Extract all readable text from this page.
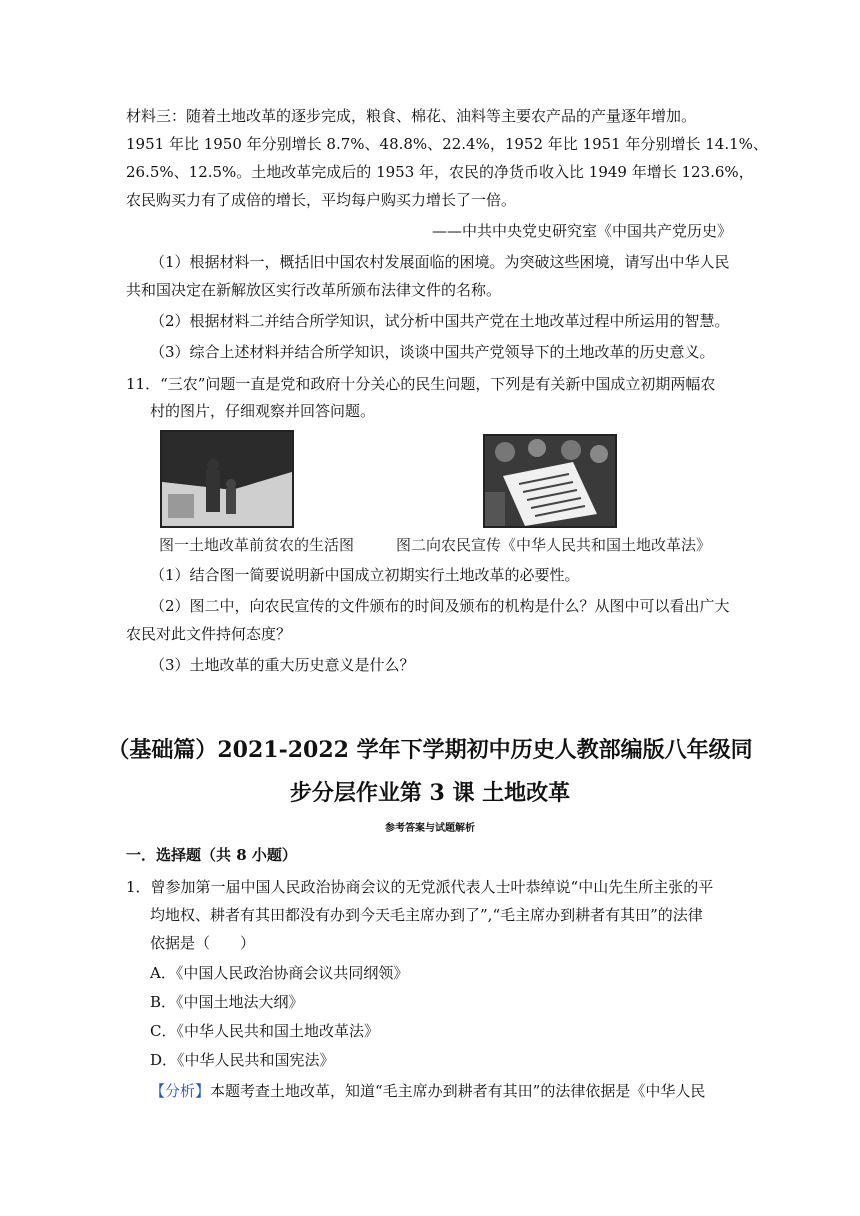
材料三：随着土地改革的逐步完成，粮食、棉花、油料等主要农产品的产量逐年增加。
1951 年比 1950 年分别增长 8.7%、48.8%、22.4%，1952 年比 1951 年分别增长 14.1%、
26.5%、12.5%。土地改革完成后的 1953 年，农民的净货币收入比 1949 年增长 123.6%，
农民购买力有了成倍的增长，平均每户购买力增长了一倍。
——中共中央党史研究室《中国共产党历史》
（1）根据材料一，概括旧中国农村发展面临的困境。为突破这些困境，请写出中华人民
共和国决定在新解放区实行改革所颁布法律文件的名称。
（2）根据材料二并结合所学知识，试分析中国共产党在土地改革过程中所运用的智慧。
（3）综合上述材料并结合所学知识，谈谈中国共产党领导下的土地改革的历史意义。
11．“三农”问题一直是党和政府十分关心的民生问题，下列是有关新中国成立初期两幅农
村的图片，仔细观察并回答问题。
图一土地改革前贫农的生活图	图二向农民宣传《中华人民共和国土地改革法》
（1）结合图一简要说明新中国成立初期实行土地改革的必要性。
（2）图二中，向农民宣传的文件颁布的时间及颁布的机构是什么？从图中可以看出广大
农民对此文件持何态度？
（3）土地改革的重大历史意义是什么？
（基础篇）2021-2022 学年下学期初中历史人教部编版八年级同
步分层作业第 3 课 土地改革
参考答案与试题解析
一．选择题（共 8 小题）
1．曾参加第一届中国人民政治协商会议的无党派代表人士叶恭绰说“中山先生所主张的平
均地权、耕者有其田都没有办到今天毛主席办到了”,“毛主席办到耕者有其田”的法律
依据是（　　）
A．《中国人民政治协商会议共同纲领》
B．《中国土地法大纲》
C．《中华人民共和国土地改革法》
D．《中华人民共和国宪法》
【分析】本题考查土地改革，知道“毛主席办到耕者有其田”的法律依据是《中华人民
